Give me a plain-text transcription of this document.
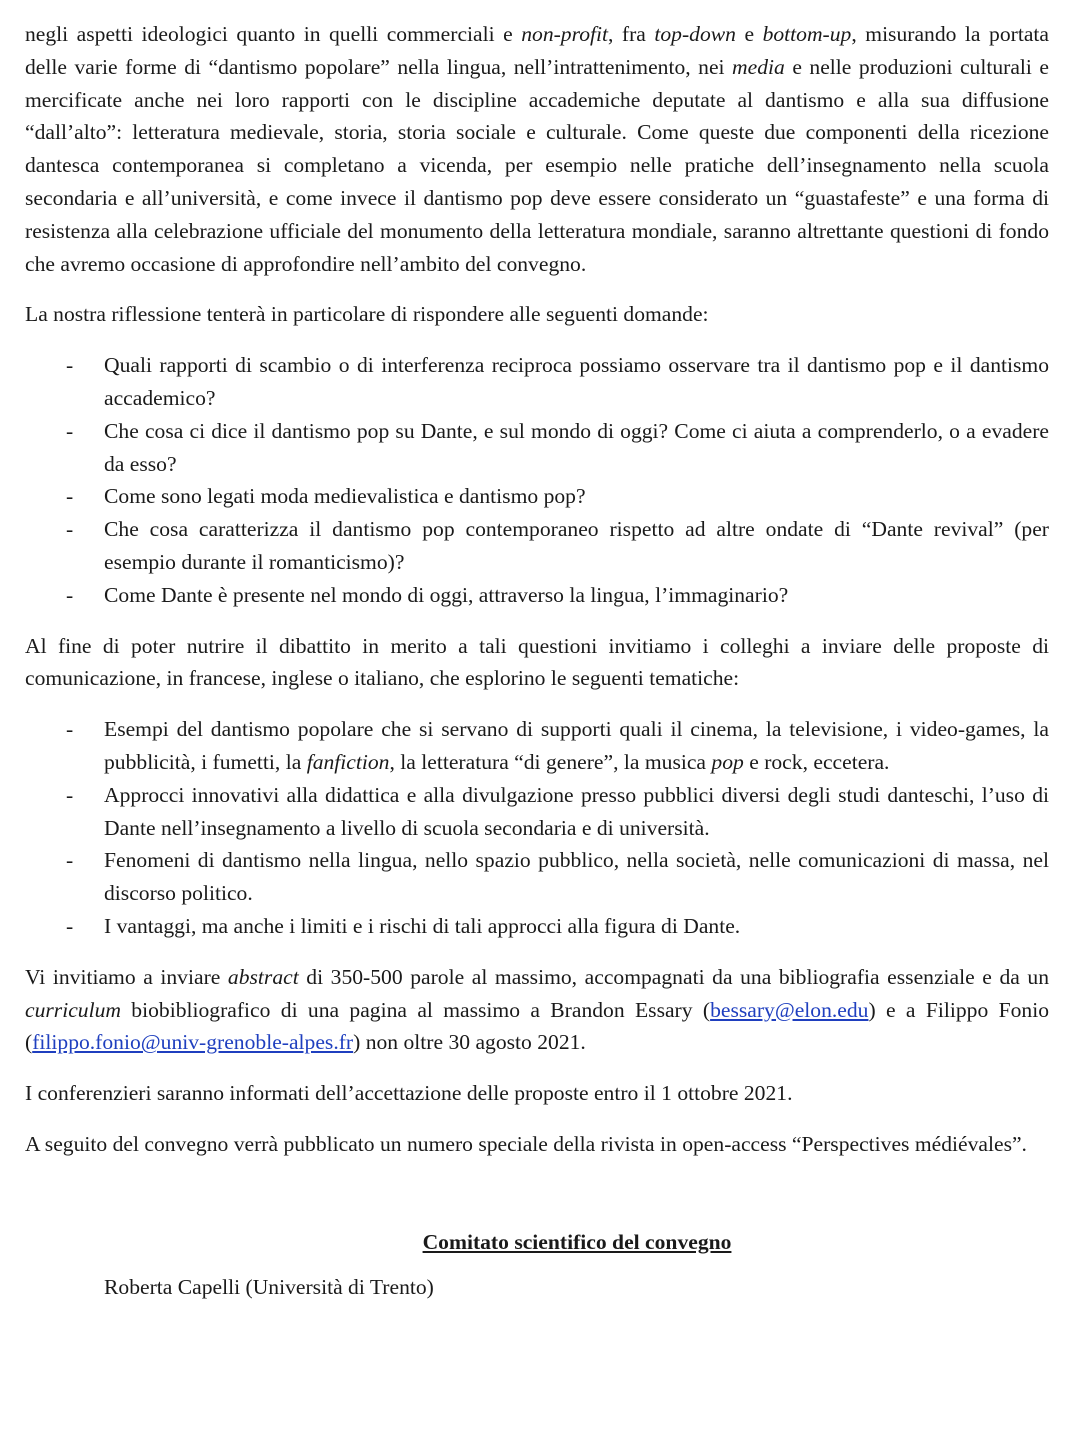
negli aspetti ideologici quanto in quelli commerciali e non-profit, fra top-down e bottom-up, misurando la portata delle varie forme di “dantismo popolare” nella lingua, nell’intrattenimento, nei media e nelle produzioni culturali e mercificate anche nei loro rapporti con le discipline accademiche deputate al dantismo e alla sua diffusione “dall’alto”: letteratura medievale, storia, storia sociale e culturale. Come queste due componenti della ricezione dantesca contemporanea si completano a vicenda, per esempio nelle pratiche dell’insegnamento nella scuola secondaria e all’università, e come invece il dantismo pop deve essere considerato un “guastafeste” e una forma di resistenza alla celebrazione ufficiale del monumento della letteratura mondiale, saranno altrettante questioni di fondo che avremo occasione di approfondire nell’ambito del convegno.

La nostra riflessione tenterà in particolare di rispondere alle seguenti domande:

- Quali rapporti di scambio o di interferenza reciproca possiamo osservare tra il dantismo pop e il dantismo accademico?
- Che cosa ci dice il dantismo pop su Dante, e sul mondo di oggi? Come ci aiuta a comprenderlo, o a evadere da esso?
- Come sono legati moda medievalistica e dantismo pop?
- Che cosa caratterizza il dantismo pop contemporaneo rispetto ad altre ondate di “Dante revival” (per esempio durante il romanticismo)?
- Come Dante è presente nel mondo di oggi, attraverso la lingua, l’immaginario?

Al fine di poter nutrire il dibattito in merito a tali questioni invitiamo i colleghi a inviare delle proposte di comunicazione, in francese, inglese o italiano, che esplorino le seguenti tematiche:

- Esempi del dantismo popolare che si servano di supporti quali il cinema, la televisione, i video-games, la pubblicità, i fumetti, la fanfiction, la letteratura “di genere”, la musica pop e rock, eccetera.
- Approcci innovativi alla didattica e alla divulgazione presso pubblici diversi degli studi danteschi, l’uso di Dante nell’insegnamento a livello di scuola secondaria e di università.
- Fenomeni di dantismo nella lingua, nello spazio pubblico, nella società, nelle comunicazioni di massa, nel discorso politico.
- I vantaggi, ma anche i limiti e i rischi di tali approcci alla figura di Dante.

Vi invitiamo a inviare abstract di 350-500 parole al massimo, accompagnati da una bibliografia essenziale e da un curriculum biobibliografico di una pagina al massimo a Brandon Essary (bessary@elon.edu) e a Filippo Fonio (filippo.fonio@univ-grenoble-alpes.fr) non oltre 30 agosto 2021.

I conferenzieri saranno informati dell’accettazione delle proposte entro il 1 ottobre 2021.

A seguito del convegno verrà pubblicato un numero speciale della rivista in open-access “Perspectives médiévales”.

Comitato scientifico del convegno

Roberta Capelli (Università di Trento)
